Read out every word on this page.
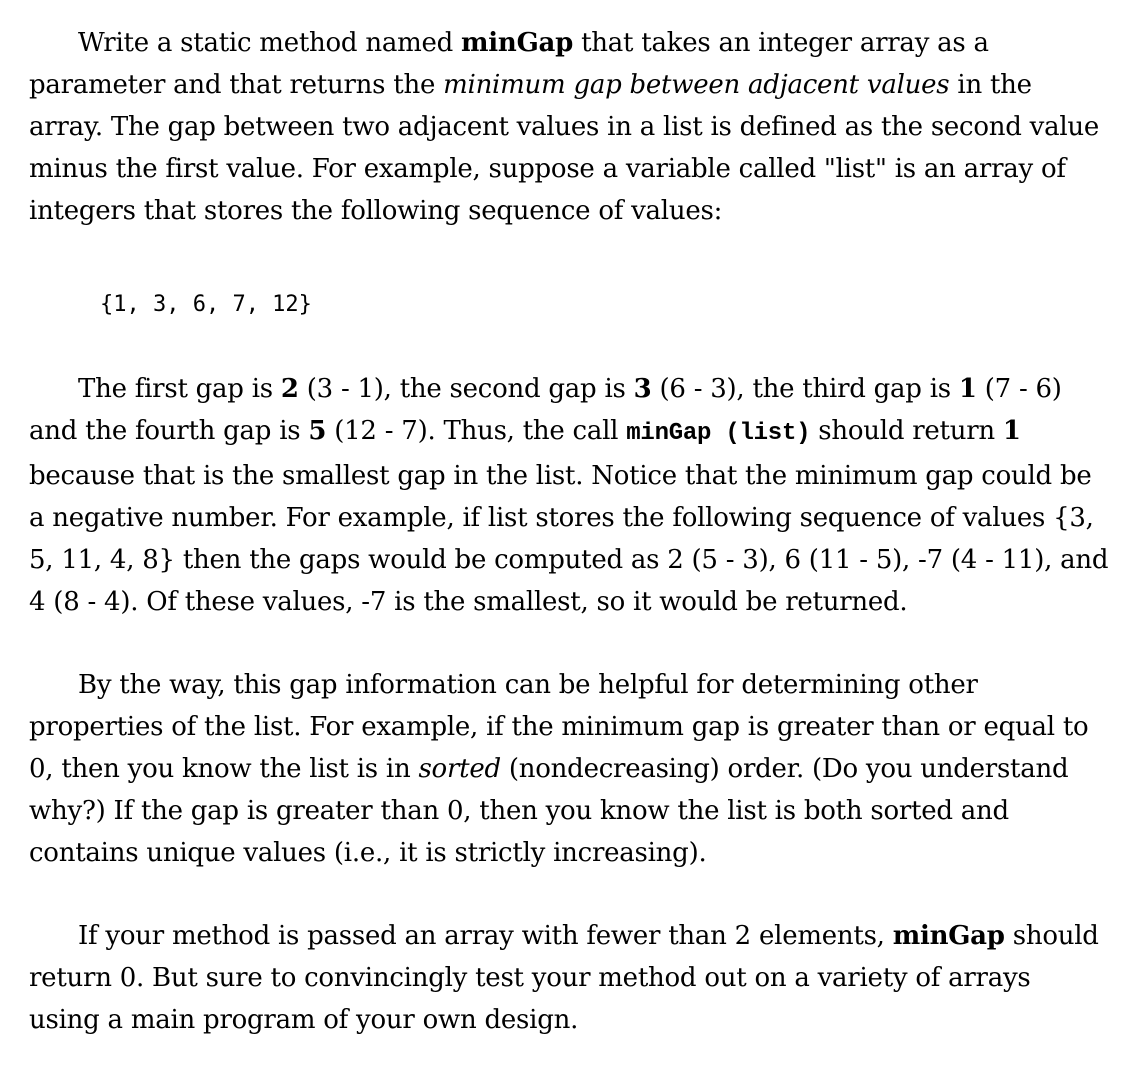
Write a static method named minGap that takes an integer array as a parameter and that returns the minimum gap between adjacent values in the array. The gap between two adjacent values in a list is defined as the second value minus the first value. For example, suppose a variable called "list" is an array of integers that stores the following sequence of values:

{1, 3, 6, 7, 12}

The first gap is 2 (3 - 1), the second gap is 3 (6 - 3), the third gap is 1 (7 - 6) and the fourth gap is 5 (12 - 7). Thus, the call minGap (list) should return 1 because that is the smallest gap in the list. Notice that the minimum gap could be a negative number. For example, if list stores the following sequence of values {3, 5, 11, 4, 8} then the gaps would be computed as 2 (5 - 3), 6 (11 - 5), -7 (4 - 11), and 4 (8 - 4). Of these values, -7 is the smallest, so it would be returned.

By the way, this gap information can be helpful for determining other properties of the list. For example, if the minimum gap is greater than or equal to 0, then you know the list is in sorted (nondecreasing) order. (Do you understand why?) If the gap is greater than 0, then you know the list is both sorted and contains unique values (i.e., it is strictly increasing).

If your method is passed an array with fewer than 2 elements, minGap should return 0. But sure to convincingly test your method out on a variety of arrays using a main program of your own design.
